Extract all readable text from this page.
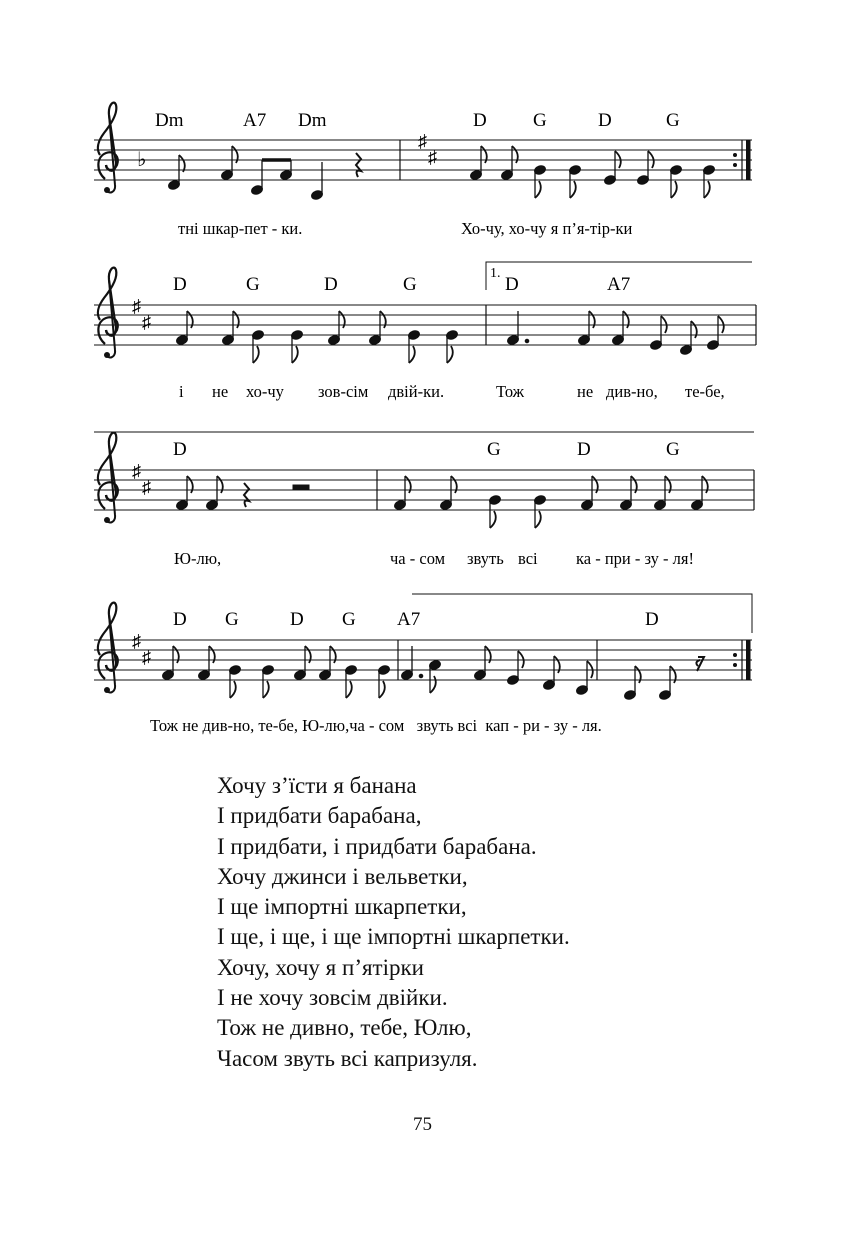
Dm	A7 Dm	D G	D	G
♭
♯
♯
тні шкар-пет - ки.	Хо-чу, хо-чу я п’я-тір-ки
1.
D	G	D	G	D	A7
♯
♯
і не хо-чу зов-сім двій-ки.	Тож	не див-но, те-бе,
D	G	D	G
♯
♯
Ю-лю,	ча - сом звуть всі ка - при - зу - ля!
D G	D G A7	D
♯
♯
Тож не див-но, те-бе, Ю-лю,ча - сом   звуть всі  кап - ри - зу - ля.
Хочу з’їсти я банана
І придбати барабана,
І придбати, і придбати барабана.
Хочу джинси і вельветки,
І ще імпортні шкарпетки,
І ще, і ще, і ще імпортні шкарпетки.
Хочу, хочу я п’ятірки
І не хочу зовсім двійки.
Тож не дивно, тебе, Юлю,
Часом звуть всі капризуля.
75
